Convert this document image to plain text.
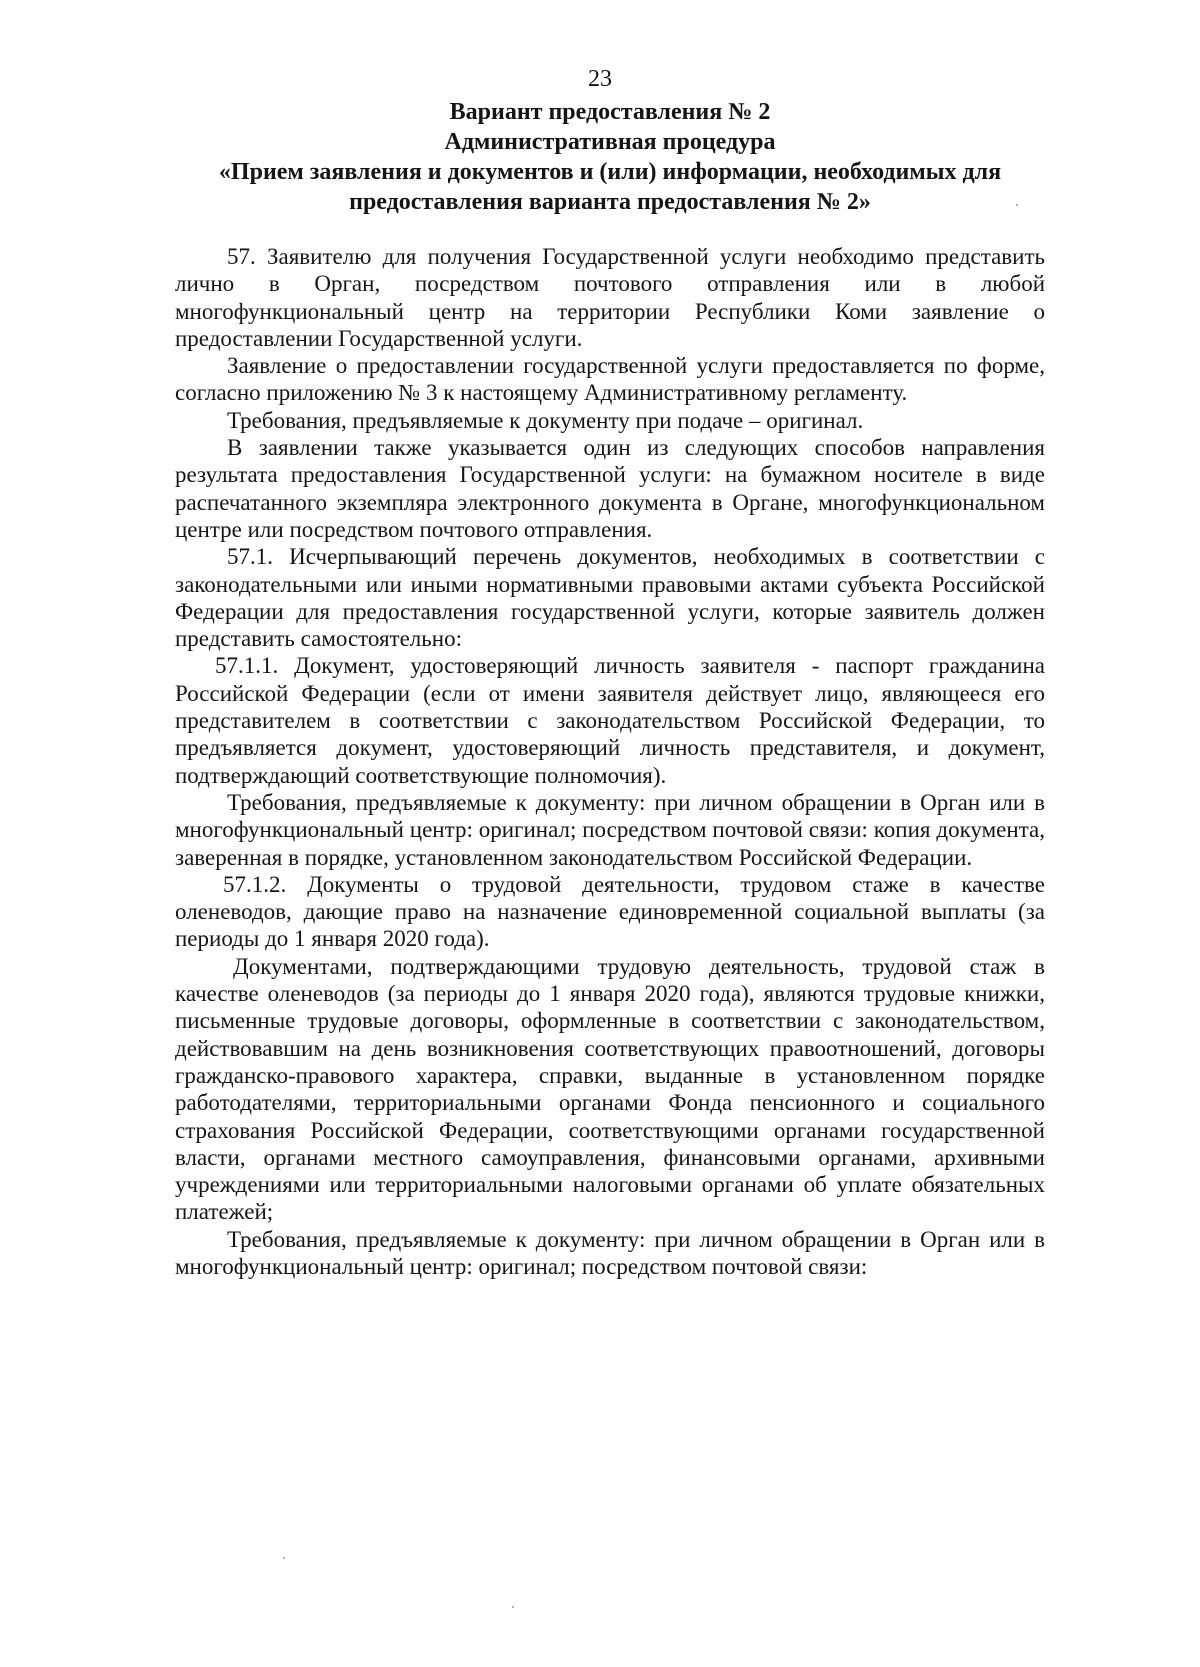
23
Вариант предоставления № 2
Административная процедура
«Прием заявления и документов и (или) информации, необходимых для
предоставления варианта предоставления № 2»

57. Заявителю для получения Государственной услуги необходимо представить лично в Орган, посредством почтового отправления или в любой многофункциональный центр на территории Республики Коми заявление о предоставлении Государственной услуги.

Заявление о предоставлении государственной услуги предоставляется по форме, согласно приложению № 3 к настоящему Административному регламенту.

Требования, предъявляемые к документу при подаче – оригинал.

В заявлении также указывается один из следующих способов направления результата предоставления Государственной услуги: на бумажном носителе в виде распечатанного экземпляра электронного документа в Органе, многофункциональном центре или посредством почтового отправления.

57.1. Исчерпывающий перечень документов, необходимых в соответствии с законодательными или иными нормативными правовыми актами субъекта Российской Федерации для предоставления государственной услуги, которые заявитель должен представить самостоятельно:

57.1.1. Документ, удостоверяющий личность заявителя - паспорт гражданина Российской Федерации (если от имени заявителя действует лицо, являющееся его представителем в соответствии с законодательством Российской Федерации, то предъявляется документ, удостоверяющий личность представителя, и документ, подтверждающий соответствующие полномочия).

Требования, предъявляемые к документу: при личном обращении в Орган или в многофункциональный центр: оригинал; посредством почтовой связи: копия документа, заверенная в порядке, установленном законодательством Российской Федерации.

57.1.2. Документы о трудовой деятельности, трудовом стаже в качестве оленеводов, дающие право на назначение единовременной социальной выплаты (за периоды до 1 января 2020 года).

Документами, подтверждающими трудовую деятельность, трудовой стаж в качестве оленеводов (за периоды до 1 января 2020 года), являются трудовые книжки, письменные трудовые договоры, оформленные в соответствии с законодательством, действовавшим на день возникновения соответствующих правоотношений, договоры гражданско-правового характера, справки, выданные в установленном порядке работодателями, территориальными органами Фонда пенсионного и социального страхования Российской Федерации, соответствующими органами государственной власти, органами местного самоуправления, финансовыми органами, архивными учреждениями или территориальными налоговыми органами об уплате обязательных платежей;

Требования, предъявляемые к документу: при личном обращении в Орган или в многофункциональный центр: оригинал; посредством почтовой связи:
